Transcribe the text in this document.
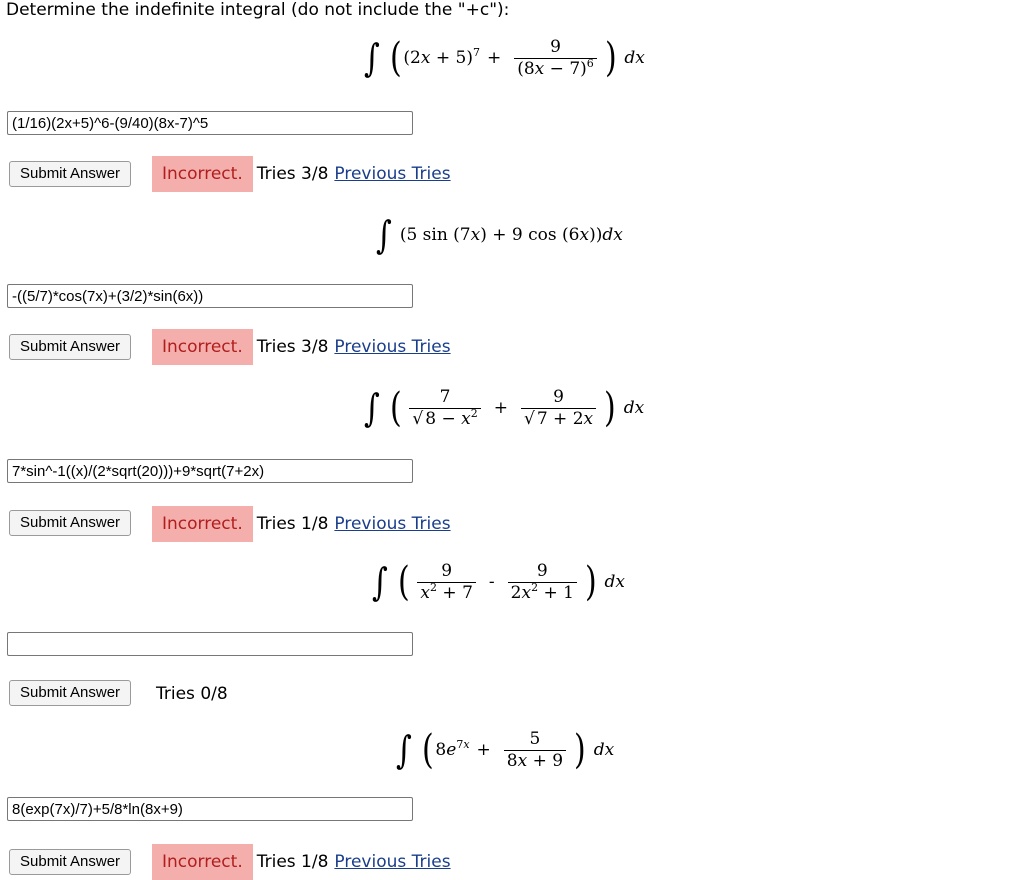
Determine the indefinite integral (do not include the "+c"):
∫ ( $(2x + 5)^7 + \frac{9}{(8x - 7)^6}$ ) dx
(1/16)(2x+5)^6-(9/40)(8x-7)^5
Submit Answer	Incorrect. Tries 3/8 Previous Tries
∫ (5 sin (7x) + 9 cos (6x))dx
-((5/7)*cos(7x)+(3/2)*sin(6x))
Submit Answer	Incorrect. Tries 3/8 Previous Tries
∫ ( $\frac{7}{√ 8 - x^2} + \frac{9}{√ 7 + 2x}$ ) dx
7*sin^-1((x)/(2*sqrt(20)))+9*sqrt(7+2x)
Submit Answer	Incorrect. Tries 1/8 Previous Tries
∫ ( $\frac{9}{x^2 + 7} - \frac{9}{2x^2 + 1}$ ) dx
Submit Answer	Tries 0/8
∫ ( $8e^{7x} + \frac{5}{8x + 9}$ ) dx
8(exp(7x)/7)+5/8*ln(8x+9)
Submit Answer	Incorrect. Tries 1/8 Previous Tries
